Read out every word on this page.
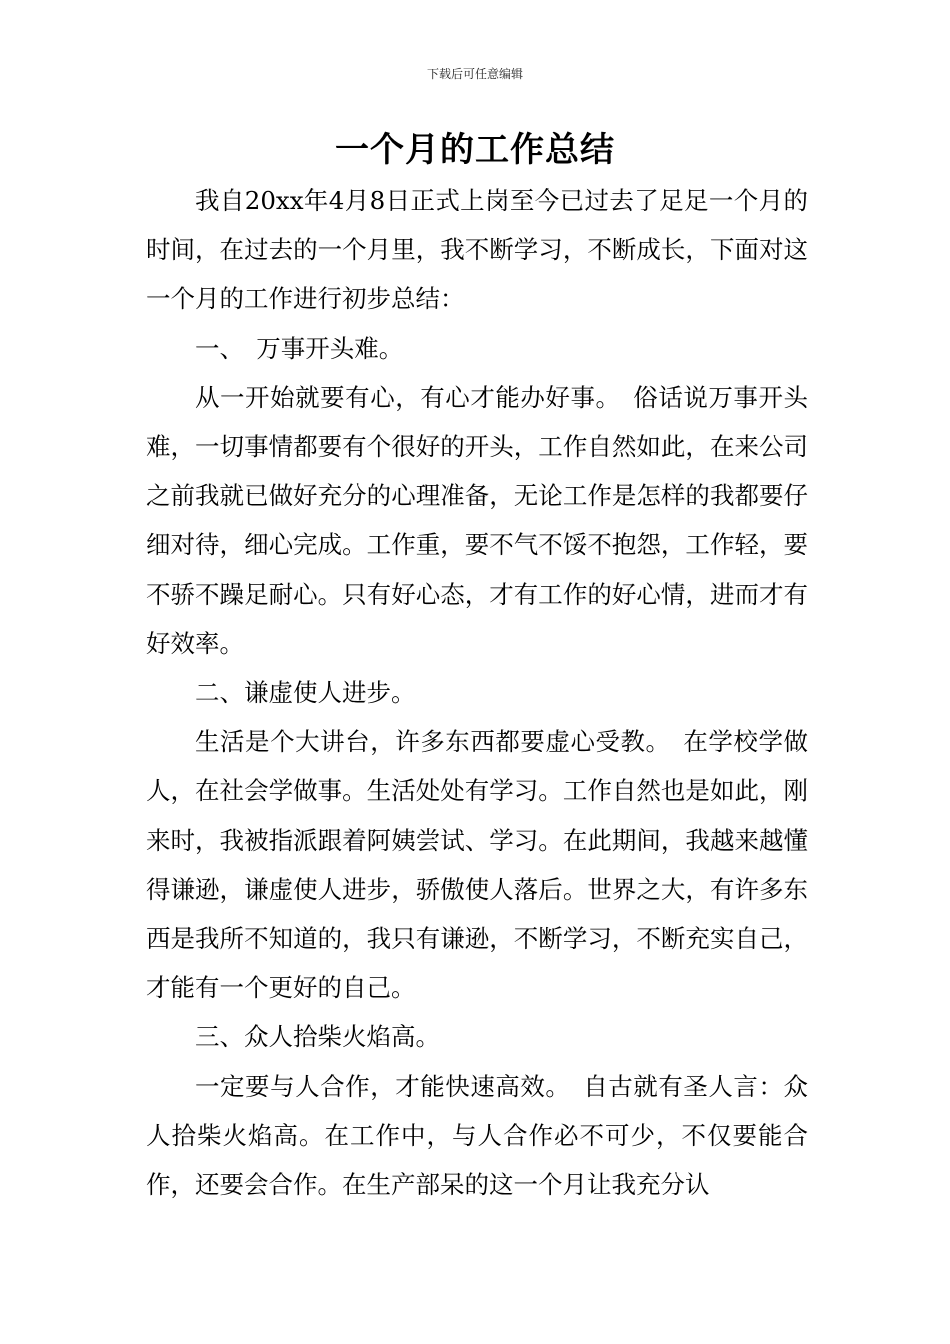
下载后可任意编辑
一个月的工作总结

我自20xx年4月8日正式上岗至今已过去了足足一个月的时间，在过去的一个月里，我不断学习，不断成长，下面对这一个月的工作进行初步总结：

一、　万事开头难。

从一开始就要有心，有心才能办好事。　俗话说万事开头难，一切事情都要有个很好的开头，工作自然如此，在来公司之前我就已做好充分的心理准备，无论工作是怎样的我都要仔细对待，细心完成。工作重，要不气不馁不抱怨，工作轻，要不骄不躁足耐心。只有好心态，才有工作的好心情，进而才有好效率。

二、谦虚使人进步。

生活是个大讲台，许多东西都要虚心受教。　在学校学做人，在社会学做事。生活处处有学习。工作自然也是如此，刚来时，我被指派跟着阿姨尝试、学习。在此期间，我越来越懂得谦逊，谦虚使人进步，骄傲使人落后。世界之大，有许多东西是我所不知道的，我只有谦逊，不断学习，不断充实自己，才能有一个更好的自己。

三、众人拾柴火焰高。

一定要与人合作，才能快速高效。　自古就有圣人言：众人拾柴火焰高。在工作中，与人合作必不可少，不仅要能合作，还要会合作。在生产部呆的这一个月让我充分认
